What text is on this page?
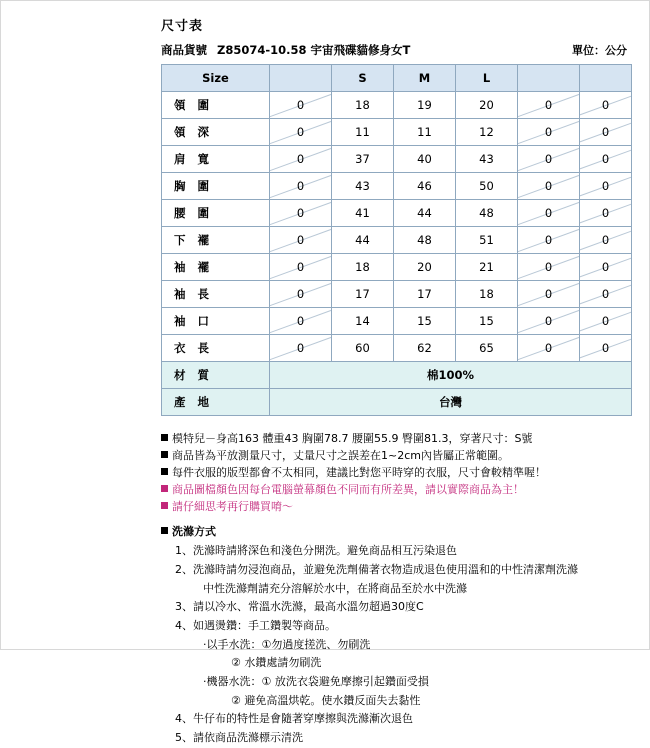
尺寸表
商品貨號 Z85074-10.58 宇宙飛碟貓修身女T	單位：公分
Size		S	M	L		
領 圍	0	18	19	20	0	0

領 深	0	11	11	12	0	0

肩 寬	0	37	40	43	0	0

胸 圍	0	43	46	50	0	0

腰 圍	0	41	44	48	0	0

下 襬	0	44	48	51	0	0

袖 襬	0	18	20	21	0	0

袖 長	0	17	17	18	0	0

袖 口	0	14	15	15	0	0

衣 長	0	60	62	65	0	0

材 質	棉100%					
產 地	台灣					
模特兒－身高163 體重43 胸圍78.7 腰圍55.9 臀圍81.3，穿著尺寸：S號
商品皆為平放測量尺寸，丈量尺寸之誤差在1~2cm內皆屬正常範圍。
每件衣服的版型都會不太相同，建議比對您平時穿的衣服，尺寸會較精準喔！
商品圖檔顏色因每台電腦螢幕顏色不同而有所差異，請以實際商品為主！
請仔細思考再行購買唷～
洗滌方式
1、洗滌時請將深色和淺色分開洗。避免商品相互污染退色
2、洗滌時請勿浸泡商品，並避免洗劑備著衣物造成退色使用溫和的中性清潔劑洗滌
中性洗滌劑請充分溶解於水中，在將商品至於水中洗滌
3、請以冷水、常溫水洗滌，最高水溫勿超過30度C
4、如遇燙鑽：手工鑽製等商品。
·以手水洗：①勿過度搓洗、勿刷洗
② 水鑽處請勿刷洗
·機器水洗：① 放洗衣袋避免摩擦引起鑽面受損
② 避免高溫烘乾。使水鑽反面失去黏性
4、牛仔布的特性是會隨著穿摩擦與洗滌漸次退色
5、請依商品洗滌標示清洗
